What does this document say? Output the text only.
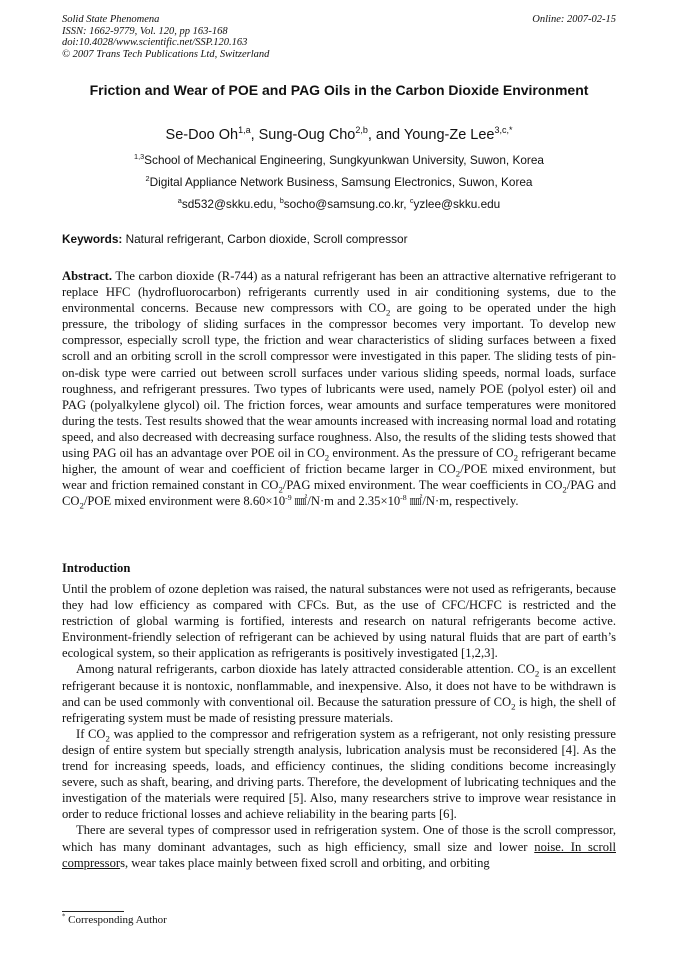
Solid State Phenomena
ISSN: 1662-9779, Vol. 120, pp 163-168
doi:10.4028/www.scientific.net/SSP.120.163
© 2007 Trans Tech Publications Ltd, Switzerland
Online: 2007-02-15
Friction and Wear of POE and PAG Oils in the Carbon Dioxide Environment
Se-Doo Oh$^{1,a}$, Sung-Oug Cho$^{2,b}$, and Young-Ze Lee$^{3,c,*}$
$^{1,3}$School of Mechanical Engineering, Sungkyunkwan University, Suwon, Korea
$^2$Digital Appliance Network Business, Samsung Electronics, Suwon, Korea
$^a$sd532@skku.edu, $^b$socho@samsung.co.kr, $^c$yzlee@skku.edu
Keywords: Natural refrigerant, Carbon dioxide, Scroll compressor
Abstract. The carbon dioxide (R-744) as a natural refrigerant has been an attractive alternative refrigerant to replace HFC (hydrofluorocarbon) refrigerants currently used in air conditioning systems, due to the environmental concerns. Because new compressors with $CO_2$ are going to be operated under the high pressure, the tribology of sliding surfaces in the compressor becomes very important. To develop new compressor, especially scroll type, the friction and wear characteristics of sliding surfaces between a fixed scroll and an orbiting scroll in the scroll compressor were investigated in this paper. The sliding tests of pin-on-disk type were carried out between scroll surfaces under various sliding speeds, normal loads, surface roughness, and refrigerant pressures. Two types of lubricants were used, namely POE (polyol ester) oil and PAG (polyalkylene glycol) oil. The friction forces, wear amounts and surface temperatures were monitored during the tests. Test results showed that the wear amounts increased with increasing normal load and rotating speed, and also decreased with decreasing surface roughness. Also, the results of the sliding tests showed that using PAG oil has an advantage over POE oil in $CO_2$ environment. As the pressure of $CO_2$ refrigerant became higher, the amount of wear and coefficient of friction became larger in $CO_2$/POE mixed environment, but wear and friction remained constant in $CO_2$/PAG mixed environment. The wear coefficients in $CO_2$/PAG and $CO_2$/POE mixed environment were $8.60\times 10^{-9}$ ㎟/N·m and $2.35\times 10^{-8}$ ㎟/N·m, respectively.
Introduction
Until the problem of ozone depletion was raised, the natural substances were not used as refrigerants, because they had low efficiency as compared with CFCs. But, as the use of CFC/HCFC is restricted and the restriction of global warming is fortified, interests and research on natural refrigerants become active. Environment-friendly selection of refrigerant can be achieved by using natural fluids that are part of earth’s ecological system, so their application as refrigerants is positively investigated [1,2,3].
Among natural refrigerants, carbon dioxide has lately attracted considerable attention. $CO_2$ is an excellent refrigerant because it is nontoxic, nonflammable, and inexpensive. Also, it does not have to be withdrawn is and can be used commonly with conventional oil. Because the saturation pressure of $CO_2$ is high, the shell of refrigerating system must be made of resisting pressure materials.
If $CO_2$ was applied to the compressor and refrigeration system as a refrigerant, not only resisting pressure design of entire system but specially strength analysis, lubrication analysis must be reconsidered [4]. As the trend for increasing speeds, loads, and efficiency continues, the sliding conditions become increasingly severe, such as shaft, bearing, and driving parts. Therefore, the development of lubricating techniques and the investigation of the materials were required [5]. Also, many researchers strive to improve wear resistance in order to reduce frictional losses and achieve reliability in the bearing parts [6].
There are several types of compressor used in refrigeration system. One of those is the scroll compressor, which has many dominant advantages, such as high efficiency, small size and lower noise. In scroll compressors, wear takes place mainly between fixed scroll and orbiting, and orbiting
* Corresponding Author
